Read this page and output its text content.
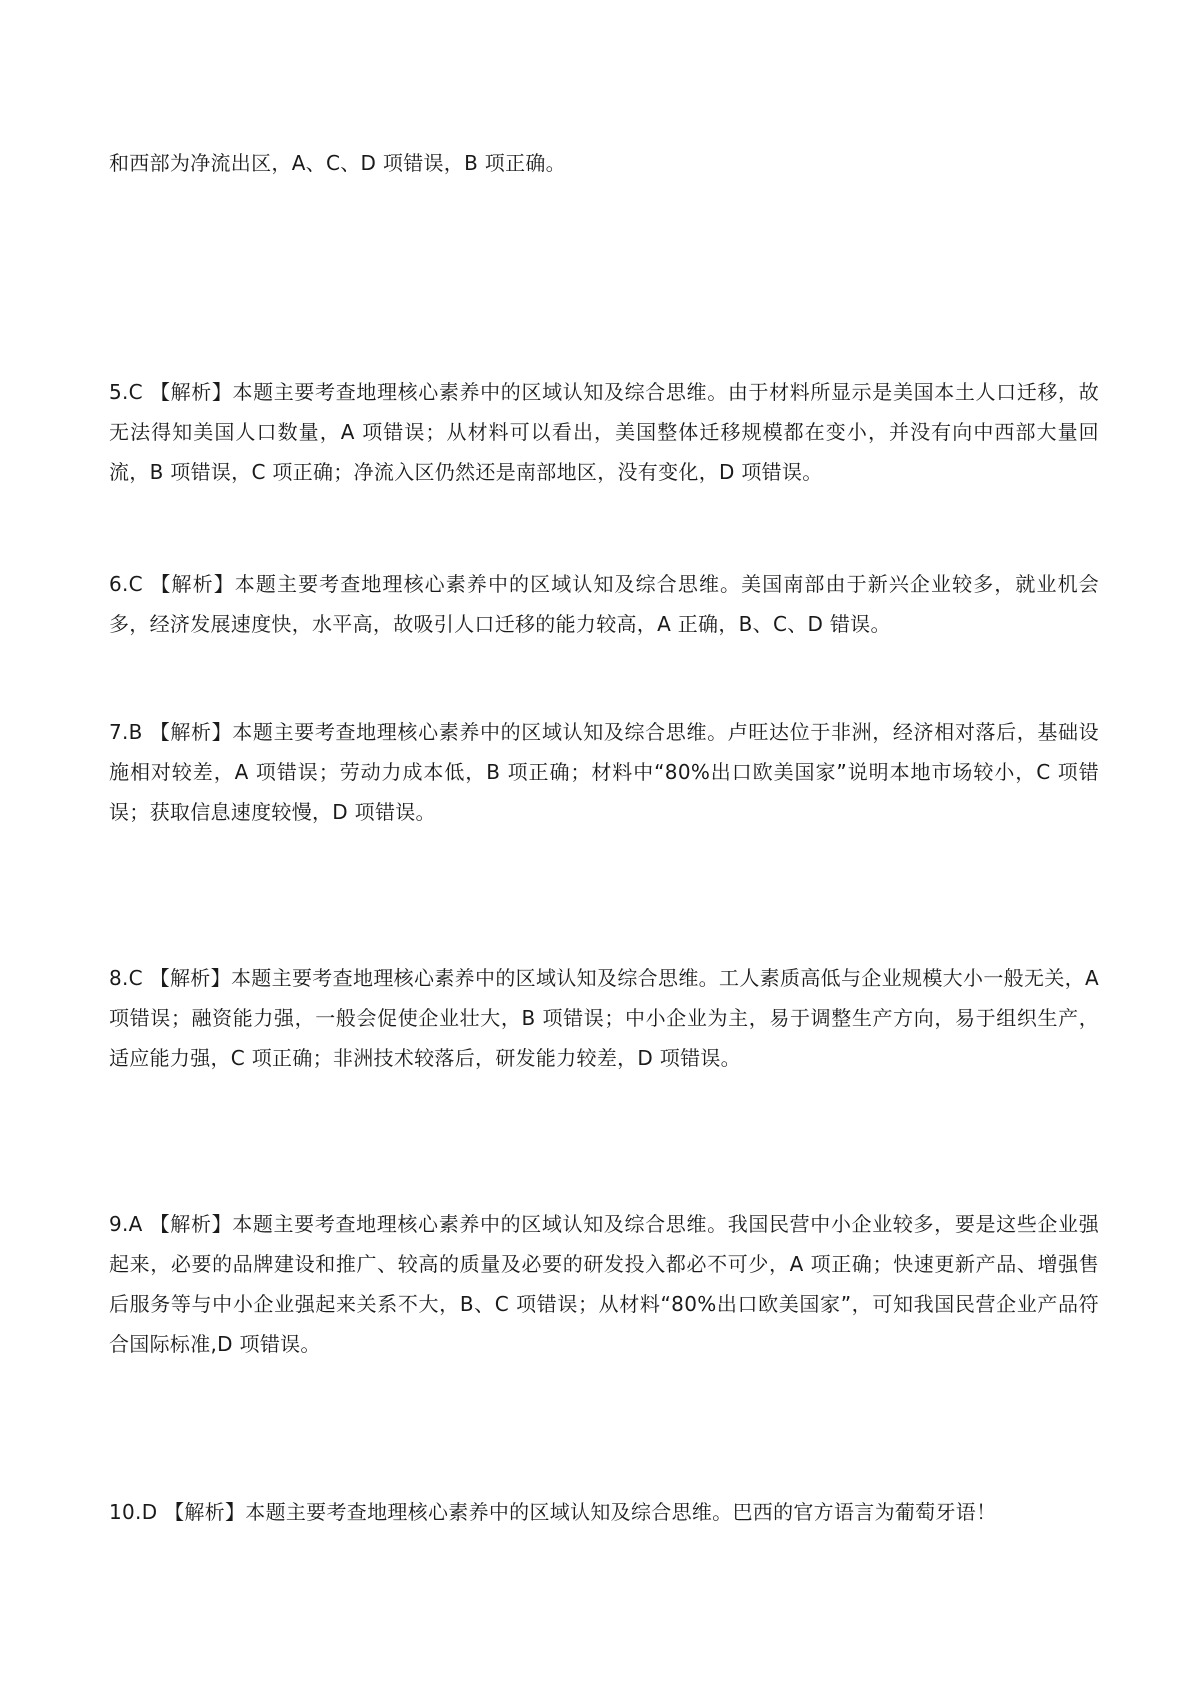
和西部为净流出区，A、C、D 项错误，B 项正确。

5.C 【解析】本题主要考查地理核心素养中的区域认知及综合思维。由于材料所显示是美国本土人口迁移，故无法得知美国人口数量，A 项错误；从材料可以看出，美国整体迁移规模都在变小，并没有向中西部大量回流，B 项错误，C 项正确；净流入区仍然还是南部地区，没有变化，D 项错误。

6.C 【解析】本题主要考查地理核心素养中的区域认知及综合思维。美国南部由于新兴企业较多，就业机会多，经济发展速度快，水平高，故吸引人口迁移的能力较高，A 正确，B、C、D 错误。

7.B 【解析】本题主要考查地理核心素养中的区域认知及综合思维。卢旺达位于非洲，经济相对落后，基础设施相对较差，A 项错误；劳动力成本低，B 项正确；材料中“80%出口欧美国家”说明本地市场较小，C 项错误；获取信息速度较慢，D 项错误。

8.C 【解析】本题主要考查地理核心素养中的区域认知及综合思维。工人素质高低与企业规模大小一般无关，A 项错误；融资能力强，一般会促使企业壮大，B 项错误；中小企业为主，易于调整生产方向，易于组织生产，适应能力强，C 项正确；非洲技术较落后，研发能力较差，D 项错误。

9.A 【解析】本题主要考查地理核心素养中的区域认知及综合思维。我国民营中小企业较多，要是这些企业强起来，必要的品牌建设和推广、较高的质量及必要的研发投入都必不可少，A 项正确；快速更新产品、增强售后服务等与中小企业强起来关系不大，B、C 项错误；从材料“80%出口欧美国家”，可知我国民营企业产品符合国际标准,D 项错误。

10.D 【解析】本题主要考查地理核心素养中的区域认知及综合思维。巴西的官方语言为葡萄牙语！
